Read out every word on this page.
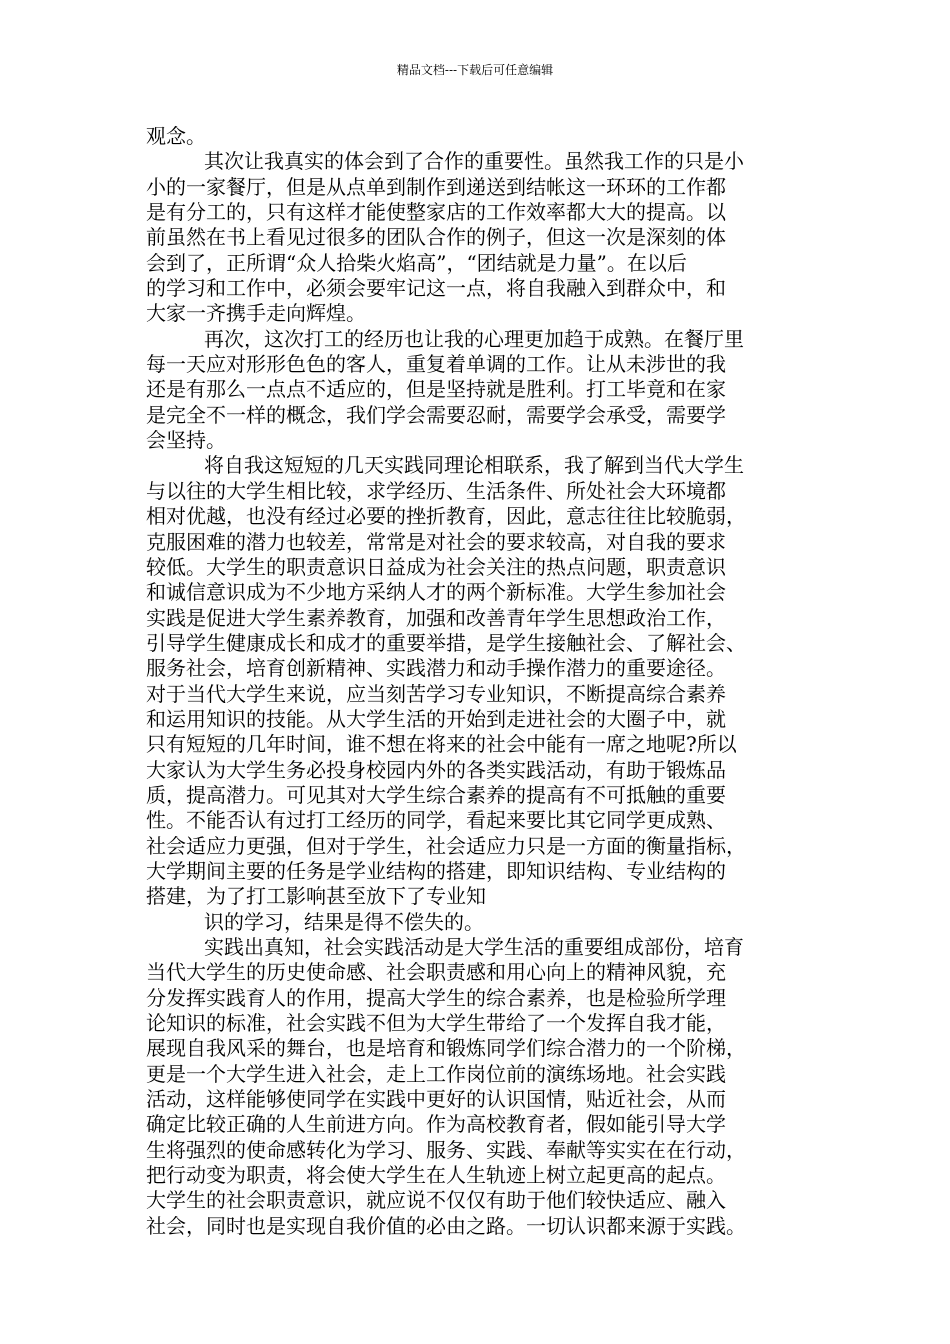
精品文档---下载后可任意编辑
观念。
其次让我真实的体会到了合作的重要性。虽然我工作的只是小
小的一家餐厅，但是从点单到制作到递送到结帐这一环环的工作都
是有分工的，只有这样才能使整家店的工作效率都大大的提高。以
前虽然在书上看见过很多的团队合作的例子，但这一次是深刻的体
会到了，正所谓“众人拾柴火焰高”，“团结就是力量”。在以后
的学习和工作中，必须会要牢记这一点，将自我融入到群众中，和
大家一齐携手走向辉煌。
再次，这次打工的经历也让我的心理更加趋于成熟。在餐厅里
每一天应对形形色色的客人，重复着单调的工作。让从未涉世的我
还是有那么一点点不适应的，但是坚持就是胜利。打工毕竟和在家
是完全不一样的概念，我们学会需要忍耐，需要学会承受，需要学
会坚持。
将自我这短短的几天实践同理论相联系，我了解到当代大学生
与以往的大学生相比较，求学经历、生活条件、所处社会大环境都
相对优越，也没有经过必要的挫折教育，因此，意志往往比较脆弱，
克服困难的潜力也较差，常常是对社会的要求较高，对自我的要求
较低。大学生的职责意识日益成为社会关注的热点问题，职责意识
和诚信意识成为不少地方采纳人才的两个新标准。大学生参加社会
实践是促进大学生素养教育，加强和改善青年学生思想政治工作，
引导学生健康成长和成才的重要举措，是学生接触社会、了解社会、
服务社会，培育创新精神、实践潜力和动手操作潜力的重要途径。
对于当代大学生来说，应当刻苦学习专业知识，不断提高综合素养
和运用知识的技能。从大学生活的开始到走进社会的大圈子中，就
只有短短的几年时间，谁不想在将来的社会中能有一席之地呢?所以
大家认为大学生务必投身校园内外的各类实践活动，有助于锻炼品
质，提高潜力。可见其对大学生综合素养的提高有不可抵触的重要
性。不能否认有过打工经历的同学，看起来要比其它同学更成熟、
社会适应力更强，但对于学生，社会适应力只是一方面的衡量指标，
大学期间主要的任务是学业结构的搭建，即知识结构、专业结构的
搭建，为了打工影响甚至放下了专业知
识的学习，结果是得不偿失的。
实践出真知，社会实践活动是大学生活的重要组成部份，培育
当代大学生的历史使命感、社会职责感和用心向上的精神风貌，充
分发挥实践育人的作用，提高大学生的综合素养，也是检验所学理
论知识的标准，社会实践不但为大学生带给了一个发挥自我才能，
展现自我风采的舞台，也是培育和锻炼同学们综合潜力的一个阶梯，
更是一个大学生进入社会，走上工作岗位前的演练场地。社会实践
活动，这样能够使同学在实践中更好的认识国情，贴近社会，从而
确定比较正确的人生前进方向。作为高校教育者，假如能引导大学
生将强烈的使命感转化为学习、服务、实践、奉献等实实在在行动，
把行动变为职责，将会使大学生在人生轨迹上树立起更高的起点。
大学生的社会职责意识，就应说不仅仅有助于他们较快适应、融入
社会，同时也是实现自我价值的必由之路。一切认识都来源于实践。
